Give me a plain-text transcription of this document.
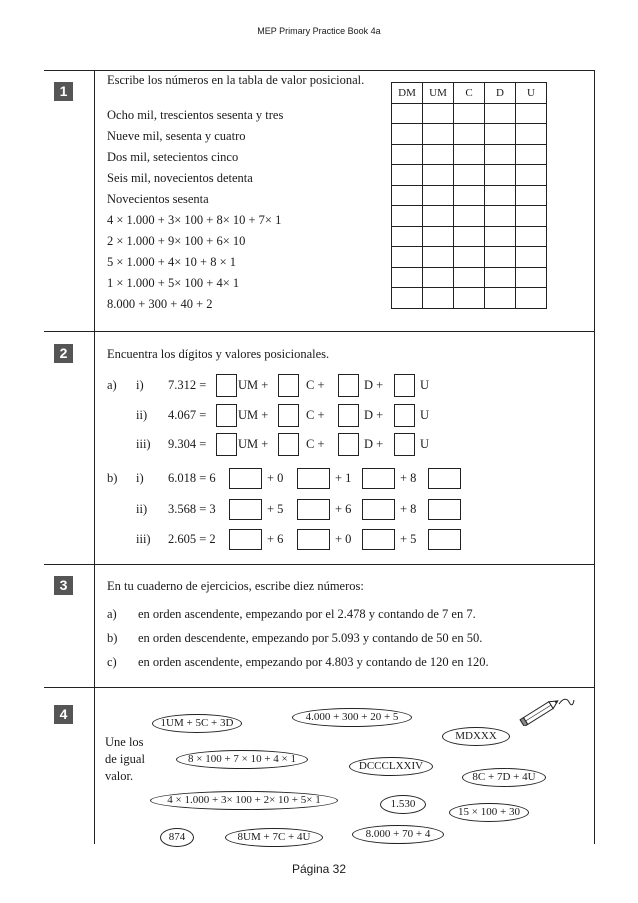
MEP Primary Practice Book 4a
1
2
3
4
Escribe los números en la tabla de valor posicional.
Ocho mil, trescientos sesenta y tres
Nueve mil, sesenta y cuatro
Dos mil, setecientos cinco
Seis mil, novecientos detenta
Novecientos sesenta
4 × 1.000 + 3× 100 + 8× 10 + 7× 1
2 × 1.000 + 9× 100 + 6× 10
5 × 1.000 + 4× 10 + 8 × 1
1 × 1.000 + 5× 100 + 4× 1
8.000 + 300 + 40 + 2
DM	UM	C	D	U

Encuentra los dígitos y valores posicionales.
a) i) 7.312 =	UM +	C +	D +	U
ii) 4.067 =	UM +	C +	D +	U
iii) 9.304 =	UM +	C +	D +	U
b) i) 6.018 = 6	+ 0	+ 1	+ 8
ii) 3.568 = 3	+ 5	+ 6	+ 8
iii) 2.605 = 2	+ 6	+ 0	+ 5
En tu cuaderno de ejercicios, escribe diez números:
a) en orden ascendente, empezando por el 2.478 y contando de 7 en 7.
b) en orden descendente, empezando por 5.093 y contando de 50 en 50.
c) en orden ascendente, empezando por 4.803 y contando de 120 en 120.
Une los
de igual
valor.
1UM + 5C + 3D	4.000 + 300 + 20 + 5
MDXXX
8 × 100 + 7 × 10 + 4 × 1
DCCCLXXIV
8C + 7D + 4U
4 × 1.000 + 3× 100 + 2× 10 + 5× 1	1.530
15 × 100 + 30
874	8UM + 7C + 4U	8.000 + 70 + 4
Página 32
